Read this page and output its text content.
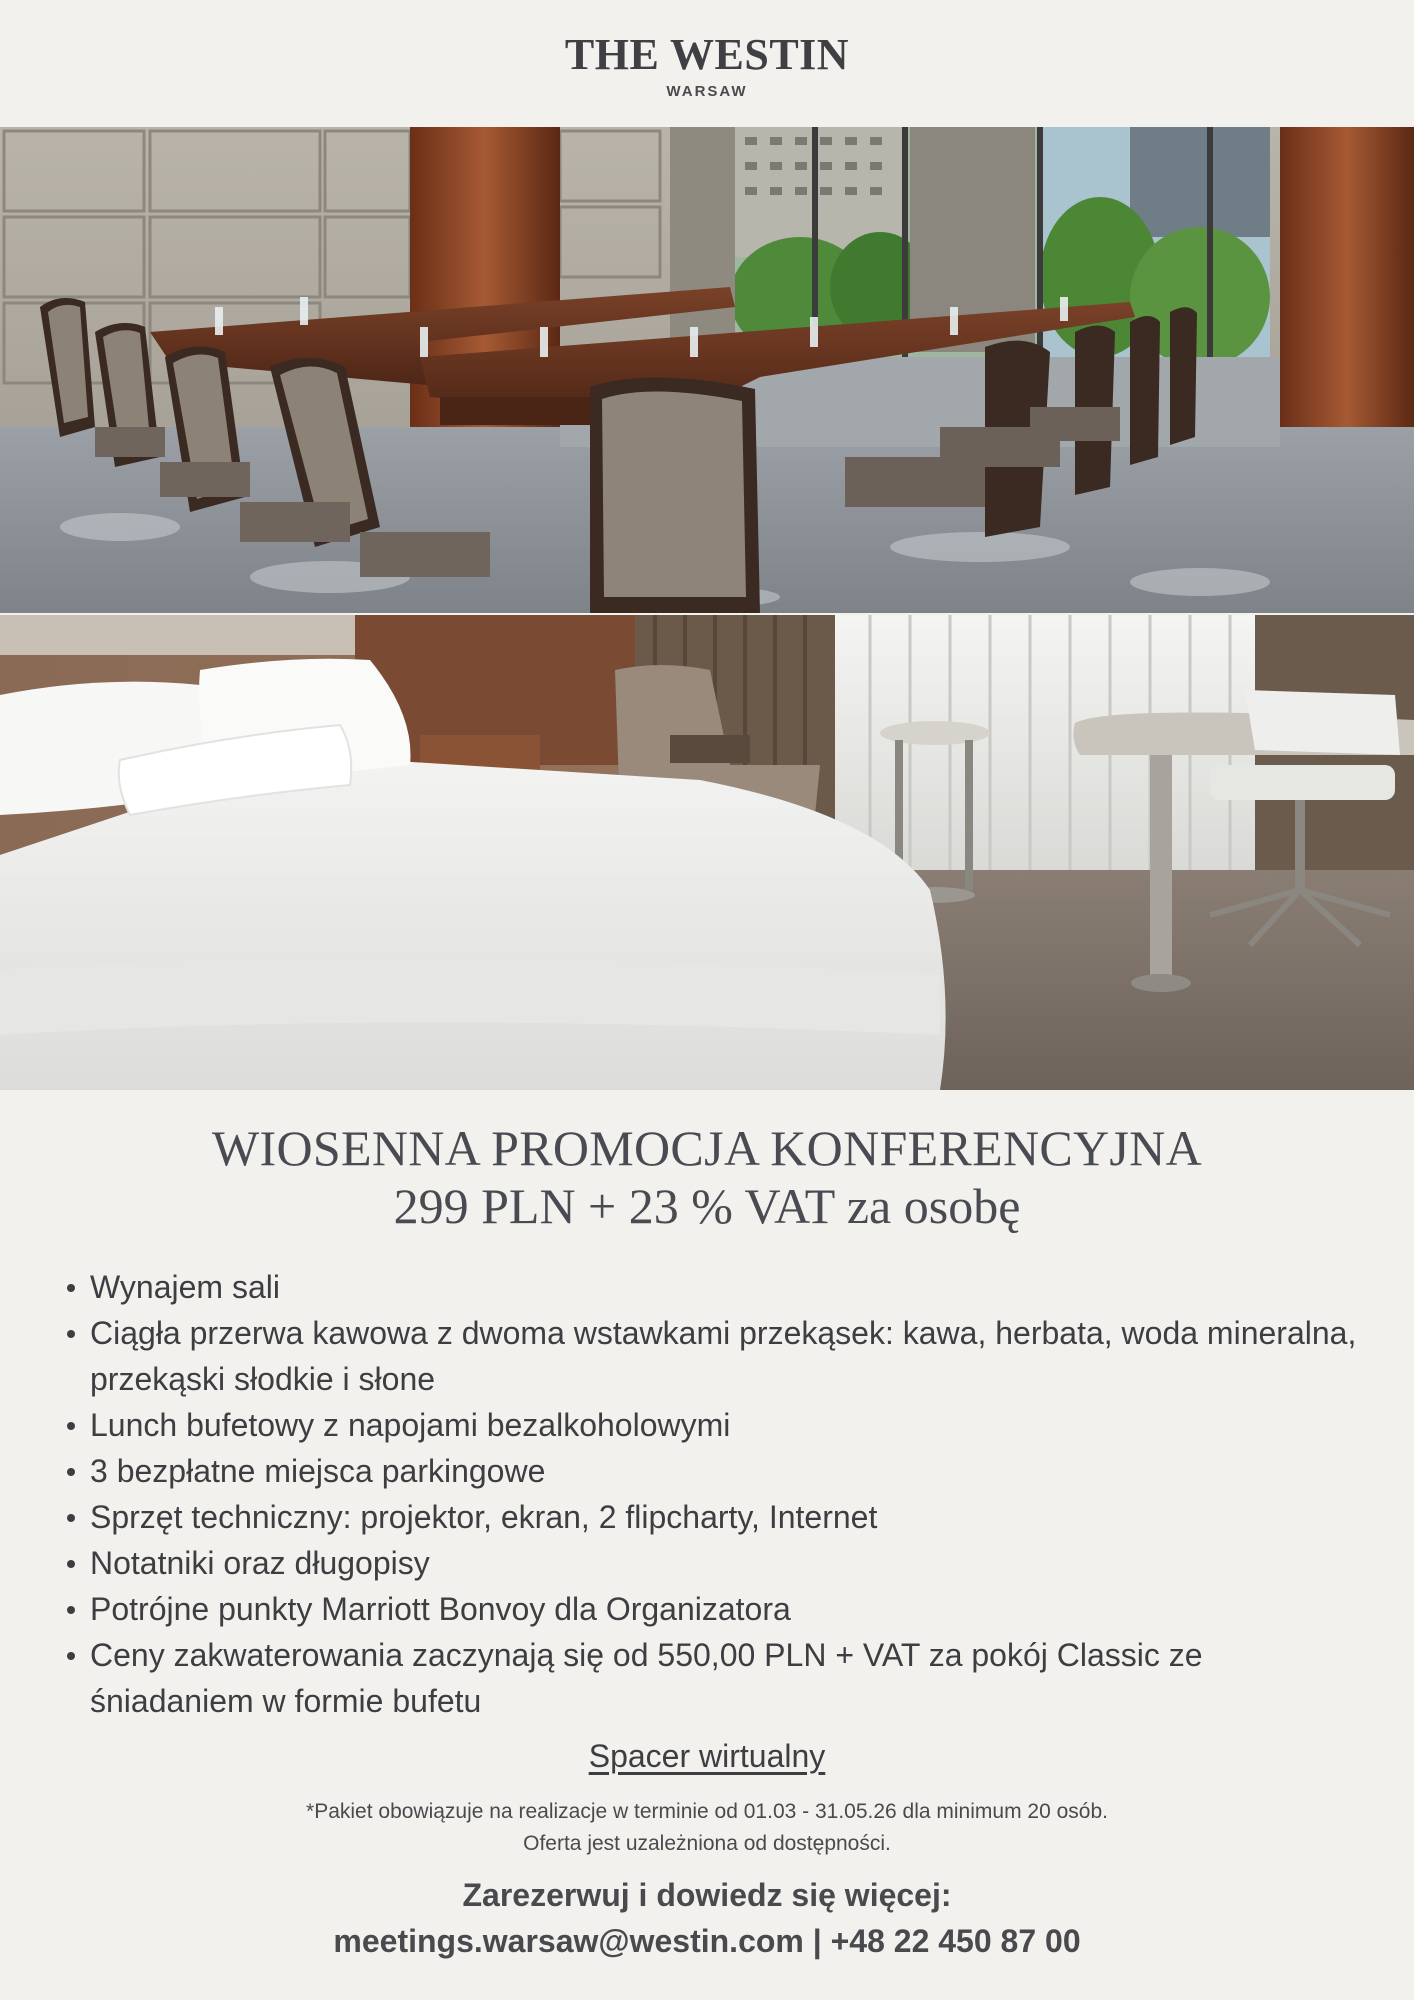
THE WESTIN
WARSAW
WIOSENNA PROMOCJA KONFERENCYJNA
299 PLN + 23 % VAT za osobę
Wynajem sali
Ciągła przerwa kawowa z dwoma wstawkami przekąsek: kawa, herbata, woda mineralna, przekąski słodkie i słone
Lunch bufetowy z napojami bezalkoholowymi
3 bezpłatne miejsca parkingowe
Sprzęt techniczny: projektor, ekran, 2 flipcharty, Internet
Notatniki oraz długopisy
Potrójne punkty Marriott Bonvoy dla Organizatora
Ceny zakwaterowania zaczynają się od 550,00 PLN + VAT za pokój Classic ze śniadaniem w formie bufetu
Spacer wirtualny
*Pakiet obowiązuje na realizacje w terminie od 01.03 - 31.05.26 dla minimum 20 osób.
Oferta jest uzależniona od dostępności.
Zarezerwuj i dowiedz się więcej:
meetings.warsaw@westin.com | +48 22 450 87 00
